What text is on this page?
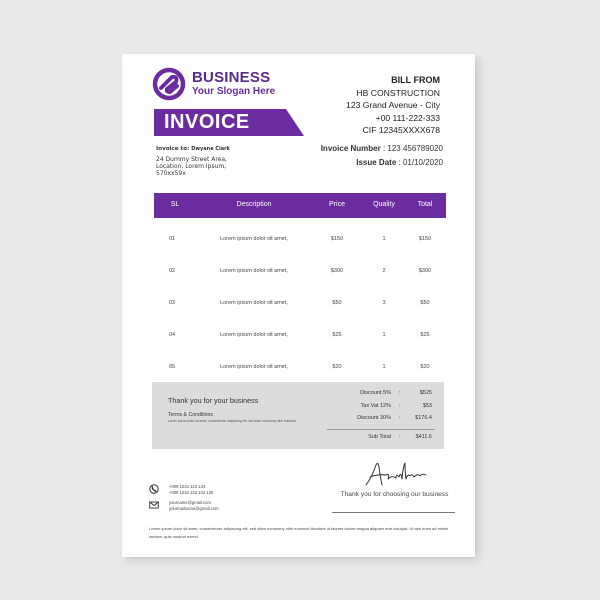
BUSINESS
Your Slogan Here
INVOICE
BILL FROM
HB CONSTRUCTION
123 Grand Avenue - City
+00 111-222-333
CIF 12345XXXX678
Invoice Number : 123 456789020
Issue Date : 01/10/2020
Invoice to: Dwyane Clark
24 Dummy Street Area,
Location, Lorem Ipsum,
570xx59x
SL	Description	Price	Quality	Total
01	Lorem ipsum dolor sit amet,	$150	1	$150
02	Lorem ipsum dolor sit amet,	$300	2	$300
03	Lorem ipsum dolor sit amet,	$50	3	$50
04	Lorem ipsum dolor sit amet,	$25	1	$25
05	Lorem ipsum dolor sit amet,	$20	1	$20
Thank you for your business
Terms & Conditions
Lorem ipsum dolor sit amet, consectetuer adipiscing elit, sed diam nonummy nibh euismod
Discount 5% :	$525
Tax Vat 12% :	$53
Discount 30% :	$176.4
Sub Total :	$411.6
+009 1234 123 134
+009 1234 123 134 126
yourname@gmail.com
yourmailname@gmail.com
Thank you for choosing our business
Lorem ipsum dolor sit amet, consectetuer adipiscing elit, sed diam nonummy nibh euismod tincidunt ut laoreet dolore magna aliquam erat volutpat. Ut wisi enim ad minim veniam, quis nostrud exerci
